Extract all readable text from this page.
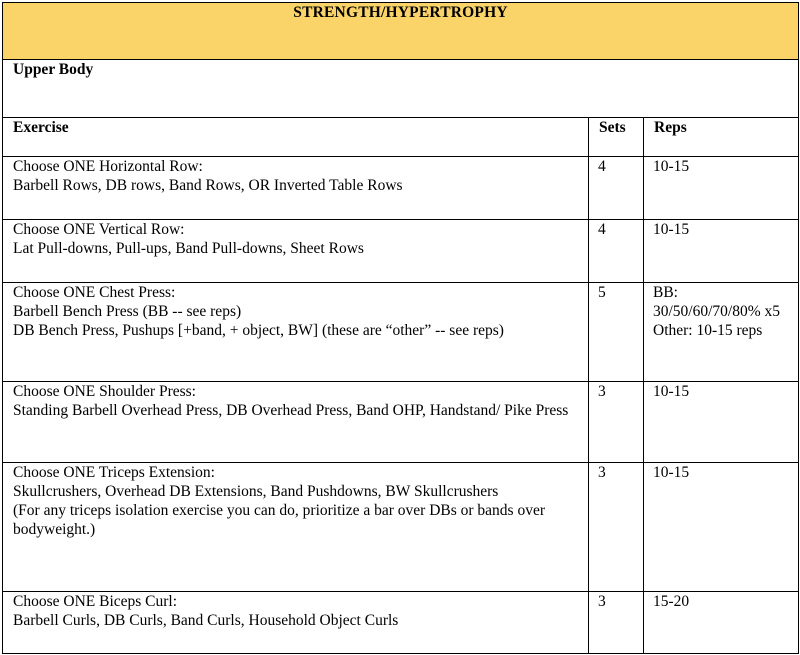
STRENGTH/HYPERTROPHY		
Upper Body		
Exercise	Sets	Reps

Choose ONE Horizontal Row:
Barbell Rows, DB rows, Band Rows, OR Inverted Table Rows	4	10-15

Choose ONE Vertical Row:
Lat Pull-downs, Pull-ups, Band Pull-downs, Sheet Rows	4	10-15

Choose ONE Chest Press:
Barbell Bench Press (BB -- see reps)
DB Bench Press, Pushups [+band, + object, BW] (these are “other” -- see reps)	5	BB:
30/50/60/70/80% x5
Other: 10-15 reps

Choose ONE Shoulder Press:
Standing Barbell Overhead Press, DB Overhead Press, Band OHP, Handstand/ Pike Press	3	10-15

Choose ONE Triceps Extension:
Skullcrushers, Overhead DB Extensions, Band Pushdowns, BW Skullcrushers
(For any triceps isolation exercise you can do, prioritize a bar over DBs or bands over bodyweight.)	3	10-15

Choose ONE Biceps Curl:
Barbell Curls, DB Curls, Band Curls, Household Object Curls	3	15-20
